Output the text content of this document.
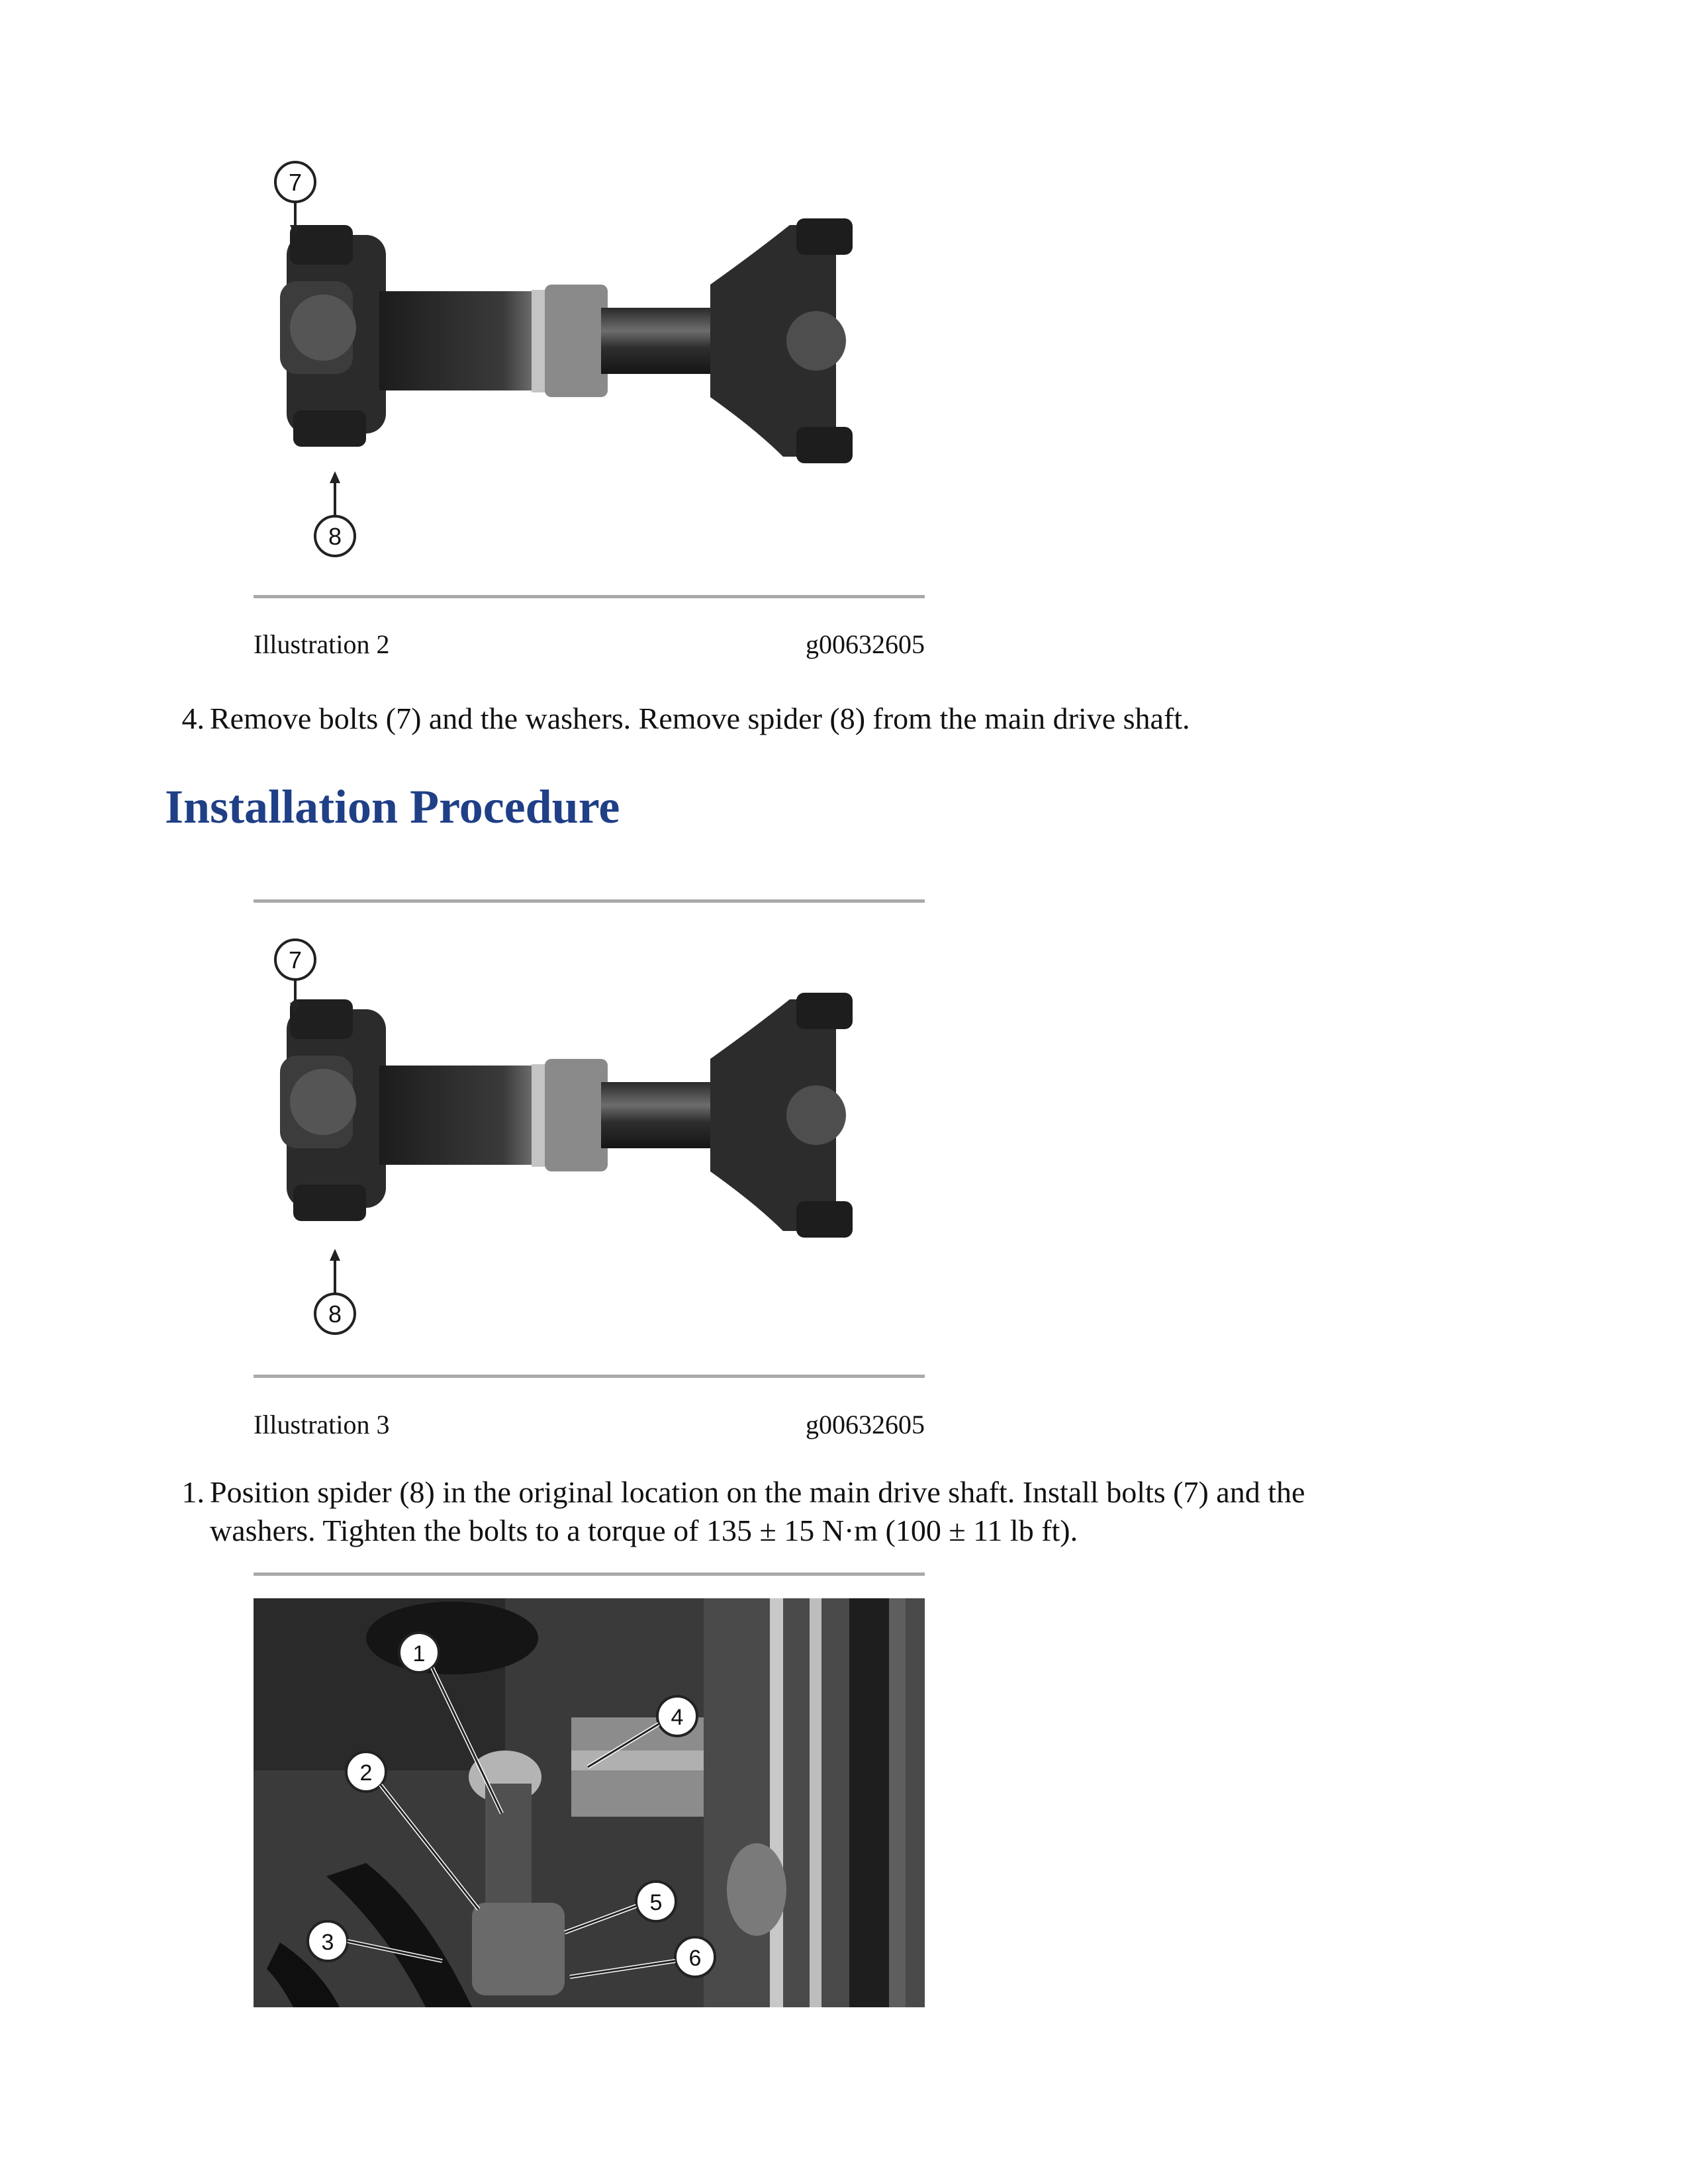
7
8
Illustration 2	g00632605
4. Remove bolts (7) and the washers. Remove spider (8) from the main drive shaft.
Installation Procedure
7
8
Illustration 3	g00632605
1. Position spider (8) in the original location on the main drive shaft. Install bolts (7) and the
washers. Tighten the bolts to a torque of 135 ± 15 N·m (100 ± 11 lb ft).
1
2
3
4
5
6
